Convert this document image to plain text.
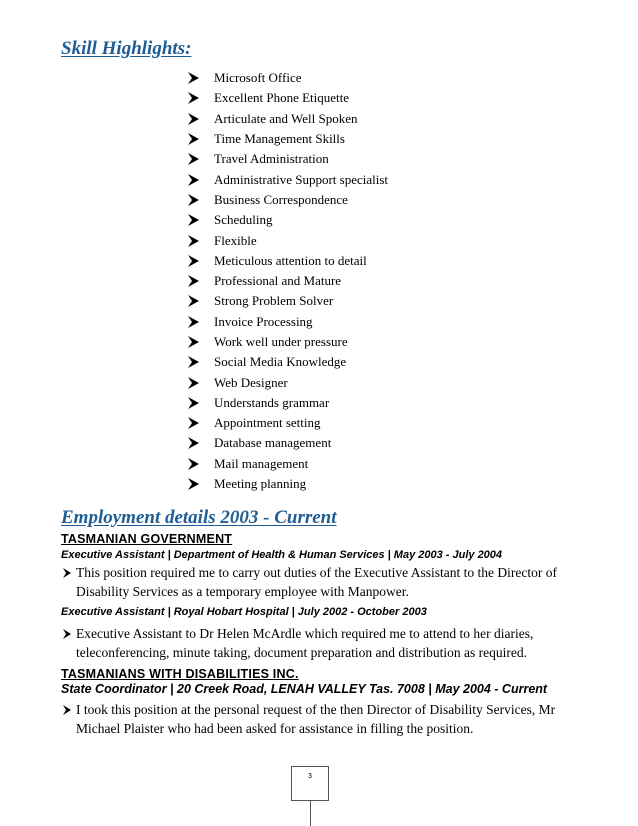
Skill Highlights:
Microsoft Office
Excellent Phone Etiquette
Articulate and Well Spoken
Time Management Skills
Travel Administration
Administrative Support specialist
Business Correspondence
Scheduling
Flexible
Meticulous attention to detail
Professional and Mature
Strong Problem Solver
Invoice Processing
Work well under pressure
Social Media Knowledge
Web Designer
Understands grammar
Appointment setting
Database management
Mail management
Meeting planning
Employment details 2003 - Current

TASMANIAN GOVERNMENT

Executive Assistant | Department of Health & Human Services | May 2003 - July 2004

This position required me to carry out duties of the Executive Assistant to the Director of Disability Services as a temporary employee with Manpower.

Executive Assistant | Royal Hobart Hospital | July 2002 - October 2003

Executive Assistant to Dr Helen McArdle which required me to attend to her diaries, teleconferencing, minute taking, document preparation and distribution as required.

TASMANIANS WITH DISABILITIES INC.

State Coordinator | 20 Creek Road, LENAH VALLEY Tas. 7008 | May 2004 - Current

I took this position at the personal request of the then Director of Disability Services, Mr Michael Plaister who had been asked for assistance in filling the position.
3
